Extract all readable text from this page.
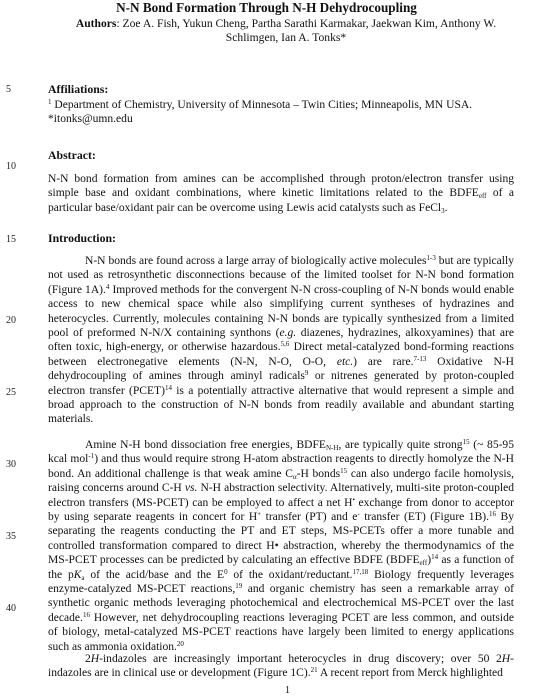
N-N Bond Formation Through N-H Dehydrocoupling
Authors: Zoe A. Fish, Yukun Cheng, Partha Sarathi Karmakar, Jaekwan Kim, Anthony W. Schlimgen, Ian A. Tonks*
5
10
15
20
25
30
35
40
Affiliations:
$^1$ Department of Chemistry, University of Minnesota – Twin Cities; Minneapolis, MN USA.
*itonks@umn.edu
Abstract:
N-N bond formation from amines can be accomplished through proton/electron transfer using simple base and oxidant combinations, where kinetic limitations related to the $BDFE_{eff}$ of a particular base/oxidant pair can be overcome using Lewis acid catalysts such as FeCl$_3$.
Introduction:
N-N bonds are found across a large array of biologically active molecules$^{1-3}$ but are typically not used as retrosynthetic disconnections because of the limited toolset for N-N bond formation (Figure 1A).$^4$ Improved methods for the convergent N-N cross-coupling of N-N bonds would enable access to new chemical space while also simplifying current syntheses of hydrazines and heterocycles. Currently, molecules containing N-N bonds are typically synthesized from a limited pool of preformed N-N/X containing synthons (e.g. diazenes, hydrazines, alkoxyamines) that are often toxic, high-energy, or otherwise hazardous.$^{5,6}$ Direct metal-catalyzed bond-forming reactions between electronegative elements (N-N, N-O, O-O, etc.) are rare.$^{7-13}$ Oxidative N-H dehydrocoupling of amines through aminyl radicals$^9$ or nitrenes generated by proton-coupled electron transfer (PCET)$^{14}$ is a potentially attractive alternative that would represent a simple and broad approach to the construction of N-N bonds from readily available and abundant starting materials.
Amine N-H bond dissociation free energies, $BDFE_{N-H}$, are typically quite strong$^{15}$ (~ 85-95 kcal mol$^{-1}$) and thus would require strong H-atom abstraction reagents to directly homolyze the N-H bond. An additional challenge is that weak amine $C_\alpha-H$ bonds$^{15}$ can also undergo facile homolysis, raising concerns around C-H vs. N-H abstraction selectivity. Alternatively, multi-site proton-coupled electron transfers (MS-PCET) can be employed to affect a net H• exchange from donor to acceptor by using separate reagents in concert for H+ transfer (PT) and e- transfer (ET) (Figure 1B).$^{16}$ By separating the reagents conducting the PT and ET steps, MS-PCETs offer a more tunable and controlled transformation compared to direct H• abstraction, whereby the thermodynamics of the MS-PCET processes can be predicted by calculating an effective BDFE $(BDFE_{eff})^{14}$ as a function of the $pK_a$ of the acid/base and the $E^0$ of the oxidant/reductant.$^{17,18}$ Biology frequently leverages enzyme-catalyzed MS-PCET reactions,$^{19}$ and organic chemistry has seen a remarkable array of synthetic organic methods leveraging photochemical and electrochemical MS-PCET over the last decade.$^{16}$ However, net dehydrocoupling reactions leveraging PCET are less common, and outside of biology, metal-catalyzed MS-PCET reactions have largely been limited to energy applications such as ammonia oxidation.$^{20}$
2H-indazoles are increasingly important heterocycles in drug discovery; over 50 2H-indazoles are in clinical use or development (Figure 1C).$^{21}$ A recent report from Merck highlighted
1
